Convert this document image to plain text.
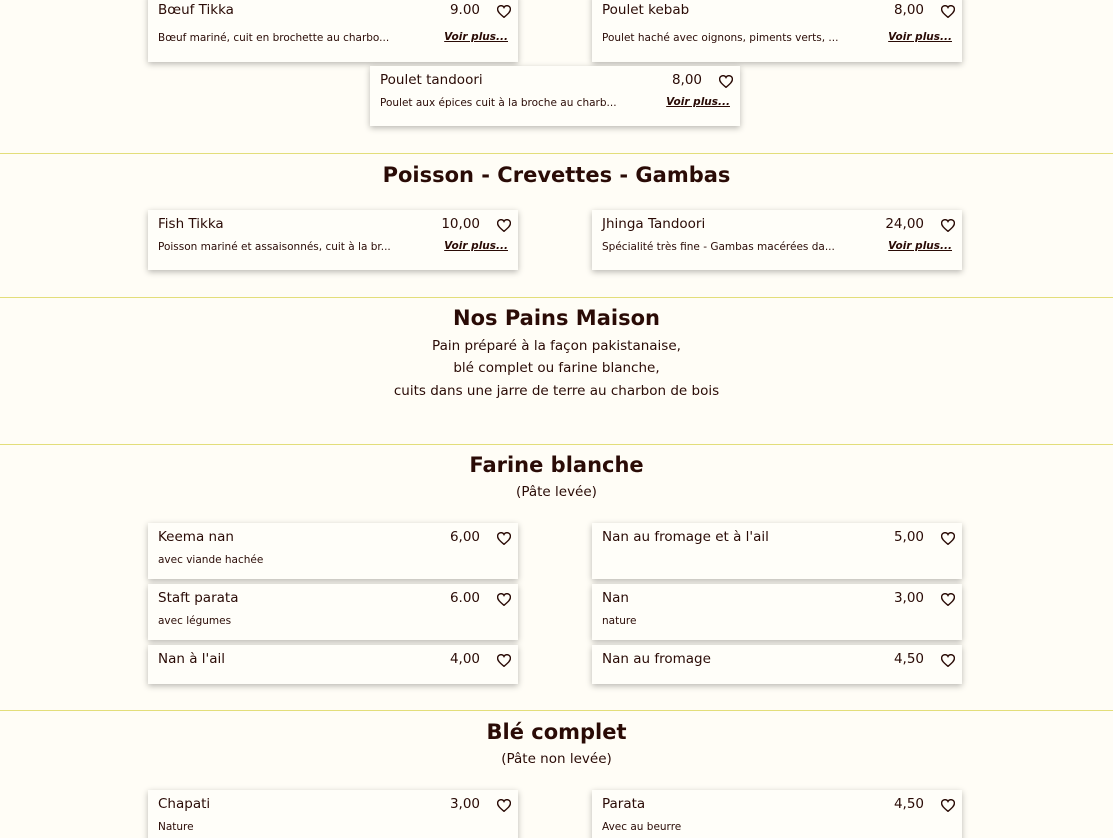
Bœuf Tikka	9.00
Bœuf mariné, cuit en brochette au charbo...	Voir plus...
Poulet kebab	8,00
Poulet haché avec oignons, piments verts, ...	Voir plus...
Poulet tandoori	8,00
Poulet aux épices cuit à la broche au charb...	Voir plus...
Poisson - Crevettes - Gambas
Fish Tikka	10,00
Poisson mariné et assaisonnés, cuit à la br...	Voir plus...
Jhinga Tandoori	24,00
Spécialité très fine - Gambas macérées da...	Voir plus...
Nos Pains Maison
Pain préparé à la façon pakistanaise,
blé complet ou farine blanche,
cuits dans une jarre de terre au charbon de bois
Farine blanche
(Pâte levée)
Keema nan	6,00
avec viande hachée
Nan au fromage et à l'ail	5,00
Staft parata	6.00
avec légumes
Nan	3,00
nature
Nan à l'ail	4,00	Nan au fromage	4,50
Blé complet
(Pâte non levée)
Chapati	3,00
Nature
Parata	4,50
Avec au beurre
